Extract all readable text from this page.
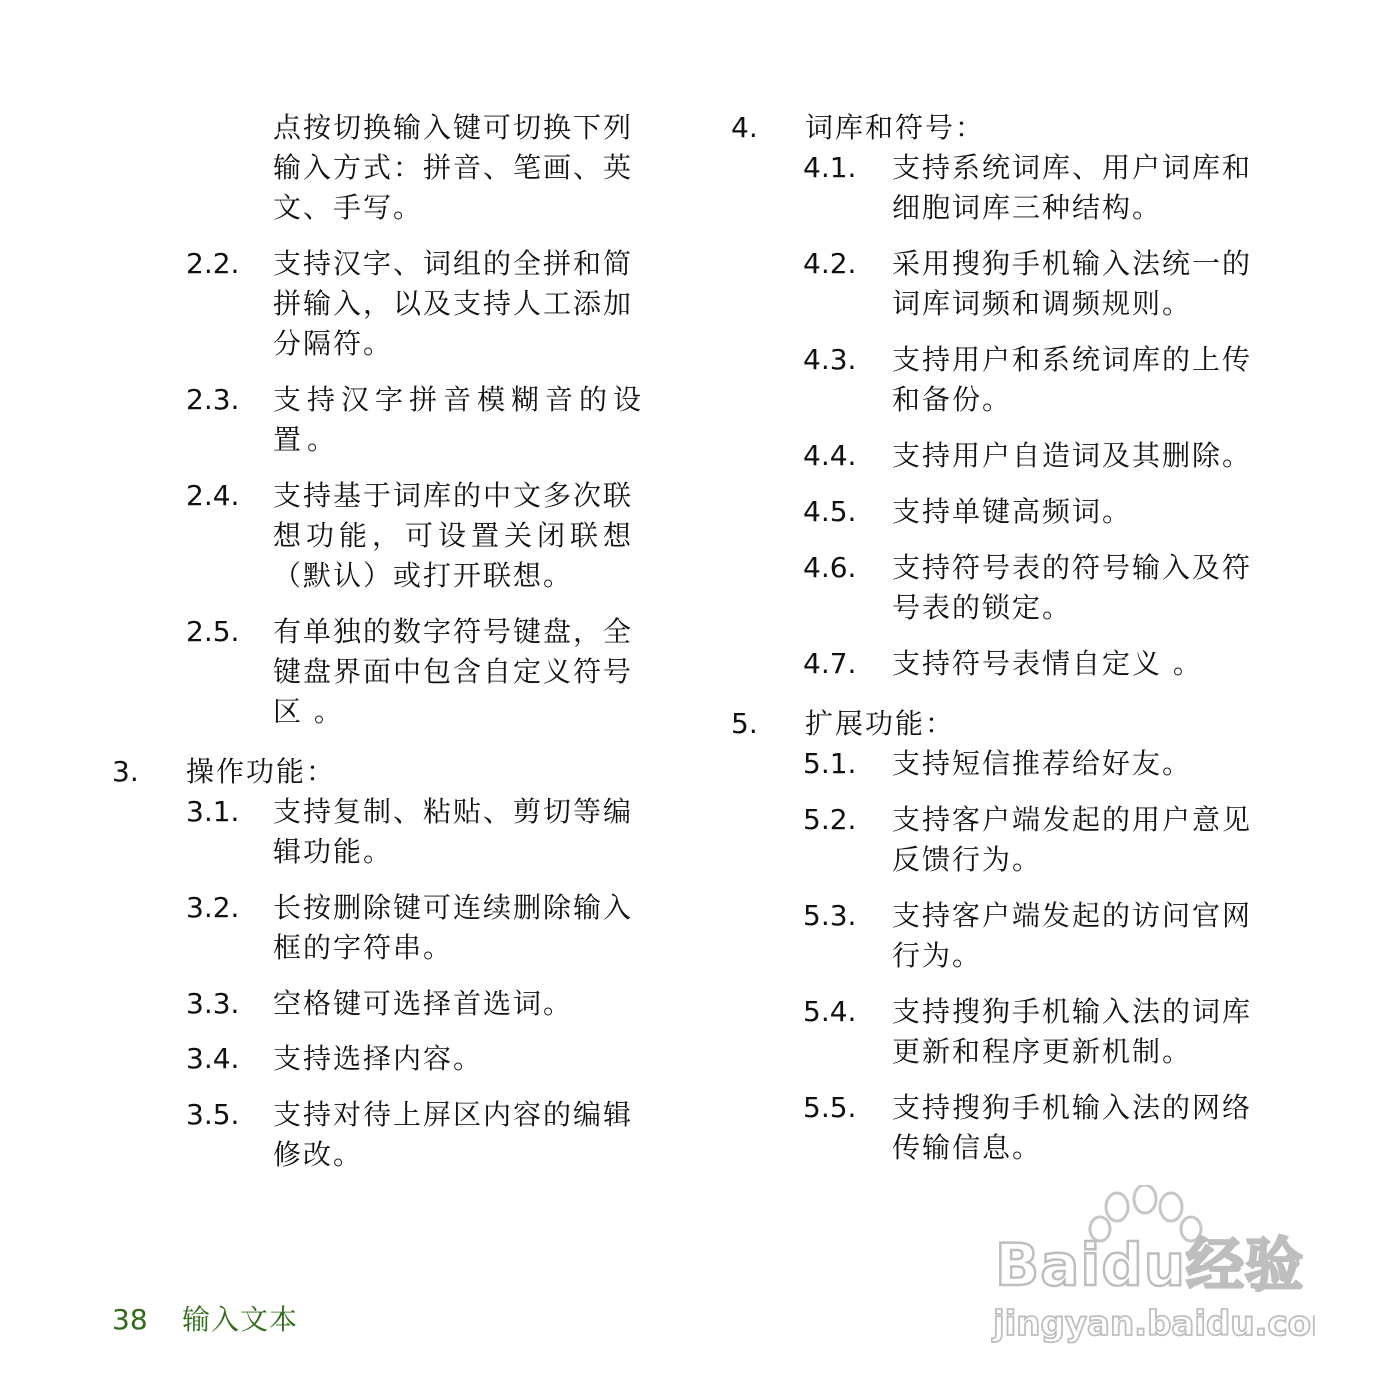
点按切换输入键可切换下列
输入方式：拼音、笔画、英
文、手写。
2.2. 支持汉字、词组的全拼和简
拼输入，以及支持人工添加
分隔符。
2.3. 支持汉字拼音模糊音的设
置。
2.4. 支持基于词库的中文多次联
想功能，可设置关闭联想
（默认）或打开联想。
2.5. 有单独的数字符号键盘，全
键盘界面中包含自定义符号
区 。
3. 操作功能：
3.1. 支持复制、粘贴、剪切等编
辑功能。
3.2. 长按删除键可连续删除输入
框的字符串。
3.3. 空格键可选择首选词。
3.4. 支持选择内容。
3.5. 支持对待上屏区内容的编辑
修改。
4. 词库和符号：
4.1. 支持系统词库、用户词库和
细胞词库三种结构。
4.2. 采用搜狗手机输入法统一的
词库词频和调频规则。
4.3. 支持用户和系统词库的上传
和备份。
4.4. 支持用户自造词及其删除。
4.5. 支持单键高频词。
4.6. 支持符号表的符号输入及符
号表的锁定。
4.7. 支持符号表情自定义 。
5. 扩展功能：
5.1. 支持短信推荐给好友。
5.2. 支持客户端发起的用户意见
反馈行为。
5.3. 支持客户端发起的访问官网
行为。
5.4. 支持搜狗手机输入法的词库
更新和程序更新机制。
5.5. 支持搜狗手机输入法的网络
传输信息。
Baidu经验
jingyan.baidu.com
38 输入文本
